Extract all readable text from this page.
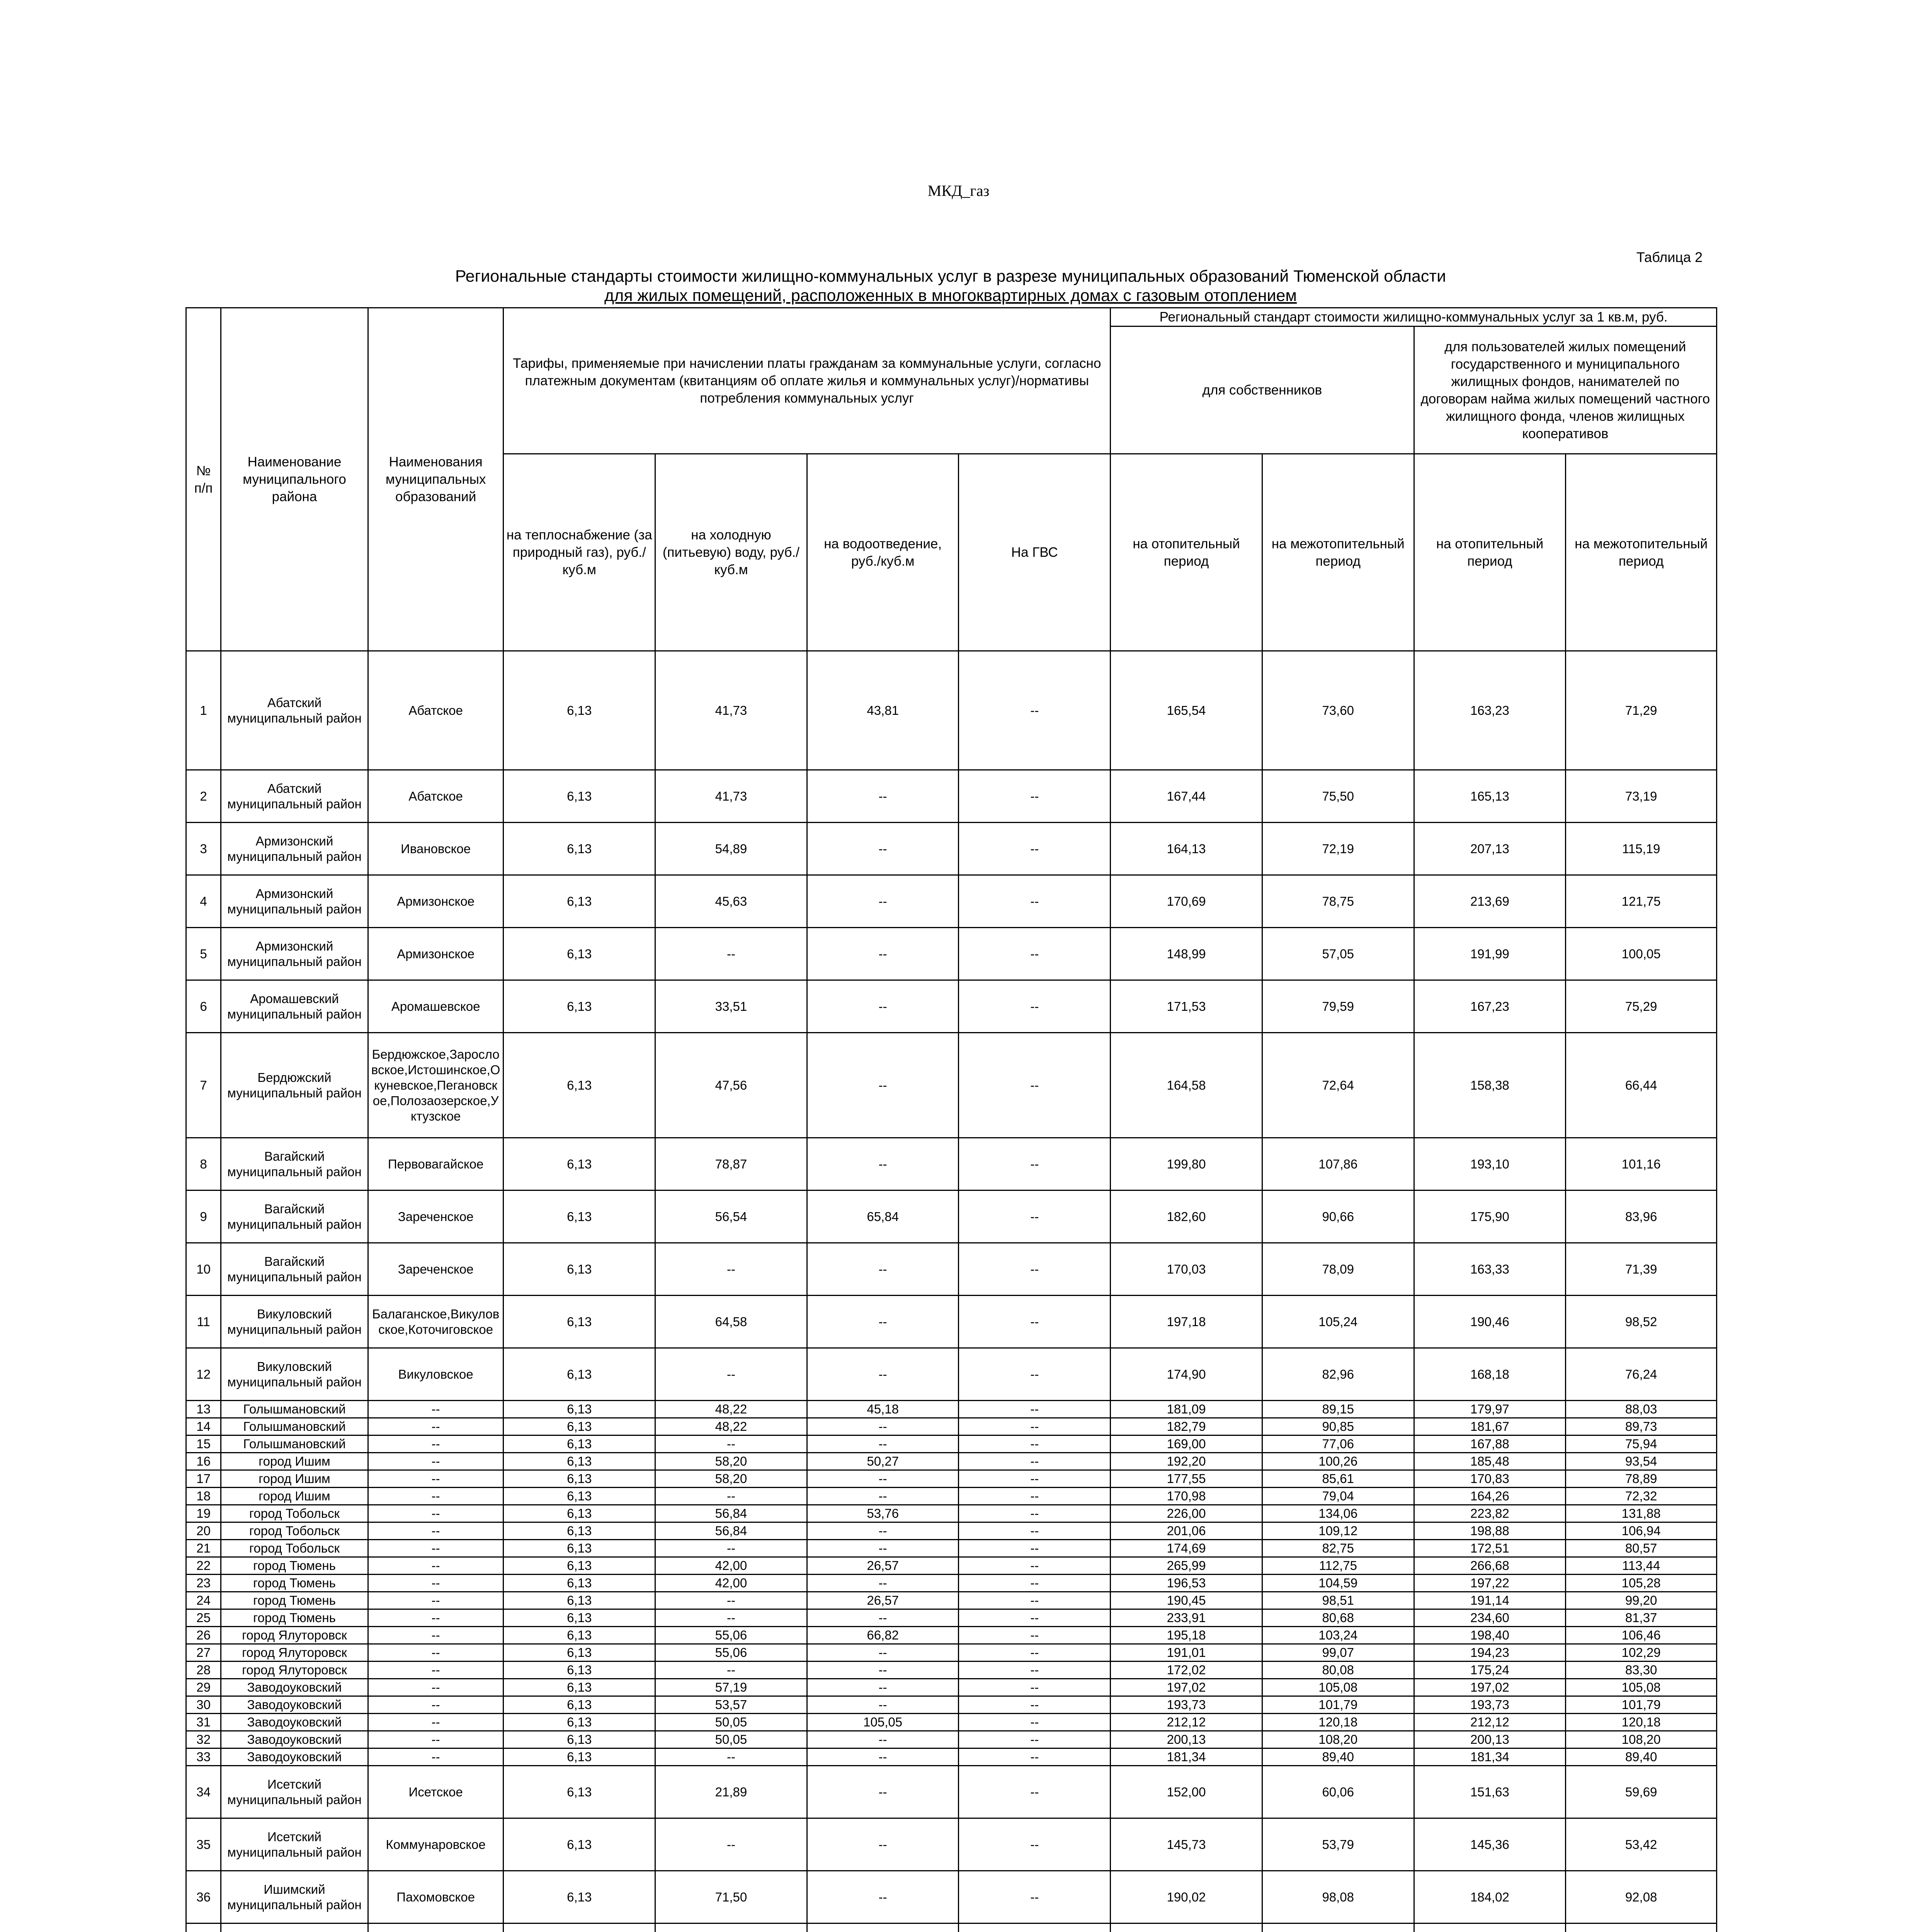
МКД_газ
Таблица 2
Региональные стандарты стоимости жилищно-коммунальных услуг в разрезе муниципальных образований Тюменской области
для жилых помещений, расположенных в многоквартирных домах с газовым отоплением
№ п/п	Наименование муниципального района	Наименования муниципальных образований	Тарифы, применяемые при начислении платы гражданам за коммунальные услуги, согласно платежным документам (квитанциям об оплате жилья и коммунальных услуг)/нормативы потребления коммунальных услуг				Региональный стандарт стоимости жилищно-коммунальных услуг за 1 кв.м, руб.			
							для собственников		для пользователей жилых помещений государственного и муниципального жилищных фондов, нанимателей по договорам найма жилых помещений частного жилищного фонда, членов жилищных кооперативов	
			на теплоснабжение (за природный газ), руб./куб.м	на холодную (питьевую) воду, руб./куб.м	на водоотведение, руб./куб.м	На ГВС	на отопительный период	на межотопительный период	на отопительный период	на межотопительный период
1	Абатский муниципальный район	Абатское	6,13	41,73	43,81	--	165,54	73,60	163,23	71,29
2	Абатский муниципальный район	Абатское	6,13	41,73	--	--	167,44	75,50	165,13	73,19
3	Армизонский муниципальный район	Ивановское	6,13	54,89	--	--	164,13	72,19	207,13	115,19
4	Армизонский муниципальный район	Армизонское	6,13	45,63	--	--	170,69	78,75	213,69	121,75
5	Армизонский муниципальный район	Армизонское	6,13	--	--	--	148,99	57,05	191,99	100,05
6	Аромашевский муниципальный район	Аромашевское	6,13	33,51	--	--	171,53	79,59	167,23	75,29
7	Бердюжский муниципальный район	Бердюжское,Зарословское,Истошинское,Окуневское,Пегановское,Полозаозерское,Уктузское	6,13	47,56	--	--	164,58	72,64	158,38	66,44
8	Вагайский муниципальный район	Первовагайское	6,13	78,87	--	--	199,80	107,86	193,10	101,16
9	Вагайский муниципальный район	Зареченское	6,13	56,54	65,84	--	182,60	90,66	175,90	83,96
10	Вагайский муниципальный район	Зареченское	6,13	--	--	--	170,03	78,09	163,33	71,39
11	Викуловский муниципальный район	Балаганское,Викуловское,Коточиговское	6,13	64,58	--	--	197,18	105,24	190,46	98,52
12	Викуловский муниципальный район	Викуловское	6,13	--	--	--	174,90	82,96	168,18	76,24
13	Голышмановский	--	6,13	48,22	45,18	--	181,09	89,15	179,97	88,03
14	Голышмановский	--	6,13	48,22	--	--	182,79	90,85	181,67	89,73
15	Голышмановский	--	6,13	--	--	--	169,00	77,06	167,88	75,94
16	город Ишим	--	6,13	58,20	50,27	--	192,20	100,26	185,48	93,54
17	город Ишим	--	6,13	58,20	--	--	177,55	85,61	170,83	78,89
18	город Ишим	--	6,13	--	--	--	170,98	79,04	164,26	72,32
19	город Тобольск	--	6,13	56,84	53,76	--	226,00	134,06	223,82	131,88
20	город Тобольск	--	6,13	56,84	--	--	201,06	109,12	198,88	106,94
21	город Тобольск	--	6,13	--	--	--	174,69	82,75	172,51	80,57
22	город Тюмень	--	6,13	42,00	26,57	--	265,99	112,75	266,68	113,44
23	город Тюмень	--	6,13	42,00	--	--	196,53	104,59	197,22	105,28
24	город Тюмень	--	6,13	--	26,57	--	190,45	98,51	191,14	99,20
25	город Тюмень	--	6,13	--	--	--	233,91	80,68	234,60	81,37
26	город Ялуторовск	--	6,13	55,06	66,82	--	195,18	103,24	198,40	106,46
27	город Ялуторовск	--	6,13	55,06	--	--	191,01	99,07	194,23	102,29
28	город Ялуторовск	--	6,13	--	--	--	172,02	80,08	175,24	83,30
29	Заводоуковский	--	6,13	57,19	--	--	197,02	105,08	197,02	105,08
30	Заводоуковский	--	6,13	53,57	--	--	193,73	101,79	193,73	101,79
31	Заводоуковский	--	6,13	50,05	105,05	--	212,12	120,18	212,12	120,18
32	Заводоуковский	--	6,13	50,05	--	--	200,13	108,20	200,13	108,20
33	Заводоуковский	--	6,13	--	--	--	181,34	89,40	181,34	89,40
34	Исетский муниципальный район	Исетское	6,13	21,89	--	--	152,00	60,06	151,63	59,69
35	Исетский муниципальный район	Коммунаровское	6,13	--	--	--	145,73	53,79	145,36	53,42
36	Ишимский муниципальный район	Пахомовское	6,13	71,50	--	--	190,02	98,08	184,02	92,08
